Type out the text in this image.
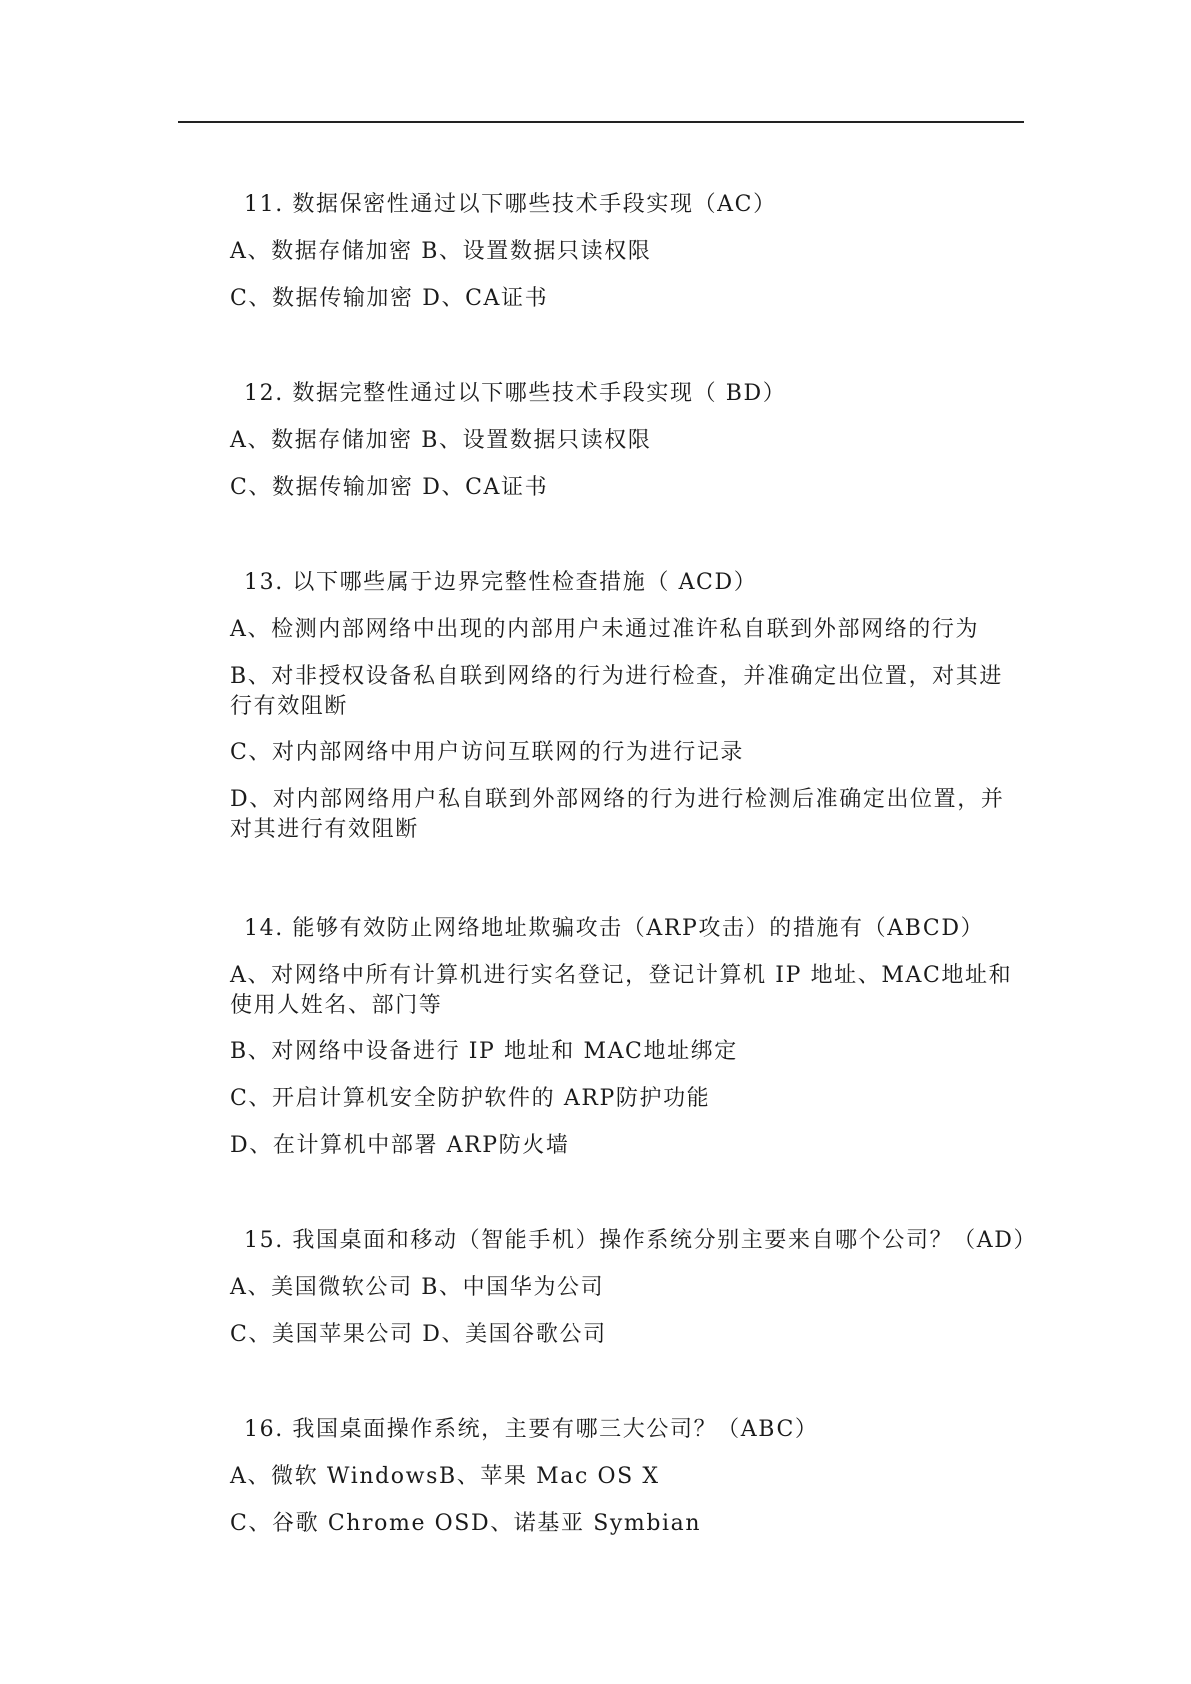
11. 数据保密性通过以下哪些技术手段实现（AC）
A、数据存储加密 B、设置数据只读权限
C、数据传输加密 D、CA证书
12. 数据完整性通过以下哪些技术手段实现（ BD）
A、数据存储加密 B、设置数据只读权限
C、数据传输加密 D、CA证书
13. 以下哪些属于边界完整性检查措施（ ACD）
A、检测内部网络中出现的内部用户未通过准许私自联到外部网络的行为
B、对非授权设备私自联到网络的行为进行检查，并准确定出位置，对其进行有效阻断
C、对内部网络中用户访问互联网的行为进行记录
D、对内部网络用户私自联到外部网络的行为进行检测后准确定出位置，并对其进行有效阻断
14. 能够有效防止网络地址欺骗攻击（ARP攻击）的措施有（ABCD）
A、对网络中所有计算机进行实名登记，登记计算机 IP 地址、MAC地址和使用人姓名、部门等
B、对网络中设备进行 IP 地址和 MAC地址绑定
C、开启计算机安全防护软件的 ARP防护功能
D、在计算机中部署 ARP防火墙
15. 我国桌面和移动（智能手机）操作系统分别主要来自哪个公司？（AD）
A、美国微软公司 B、中国华为公司
C、美国苹果公司 D、美国谷歌公司
16. 我国桌面操作系统，主要有哪三大公司？（ABC）
A、微软 WindowsB、苹果 Mac OS X
C、谷歌 Chrome OSD、诺基亚 Symbian
